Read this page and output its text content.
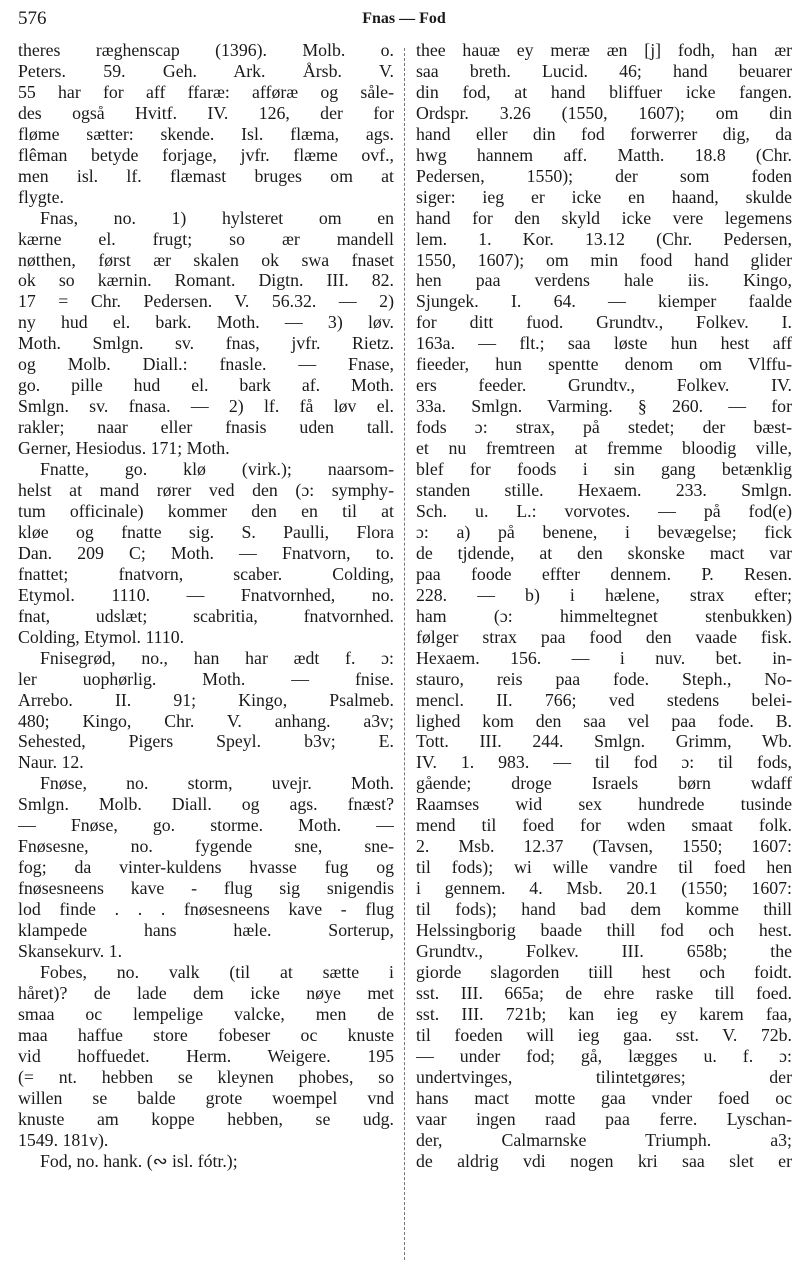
576	Fnas — Fod
theres ræghenscap (1396). Molb. o.
Peters. 59. Geh. Ark. Årsb. V.
55 har for aff ffaræ: afføræ og såle-
des også Hvitf. IV. 126, der for
fløme sætter: skende. Isl. flæma, ags.
flêman betyde forjage, jvfr. flæme ovf.,
men isl. lf. flæmast bruges om at
flygte.
Fnas, no. 1) hylsteret om en
kærne el. frugt; so ær mandell
nøtthen, først ær skalen ok swa fnaset
ok so kærnin. Romant. Digtn. III. 82.
17 = Chr. Pedersen. V. 56.32. — 2)
ny hud el. bark. Moth. — 3) løv.
Moth. Smlgn. sv. fnas, jvfr. Rietz.
og Molb. Diall.: fnasle. — Fnase,
go. pille hud el. bark af. Moth.
Smlgn. sv. fnasa. — 2) lf. få løv el.
rakler; naar eller fnasis uden tall.
Gerner, Hesiodus. 171; Moth.
Fnatte, go. klø (virk.); naarsom-
helst at mand rører ved den (ɔ: symphy-
tum officinale) kommer den en til at
kløe og fnatte sig. S. Paulli, Flora
Dan. 209 C; Moth. — Fnatvorn, to.
fnattet; fnatvorn, scaber. Colding,
Etymol. 1110. — Fnatvornhed, no.
fnat, udslæt; scabritia, fnatvornhed.
Colding, Etymol. 1110.
Fnisegrød, no., han har ædt f. ɔ:
ler uophørlig. Moth. — fnise.
Arrebo. II. 91; Kingo, Psalmeb.
480; Kingo, Chr. V. anhang. a3v;
Sehested, Pigers Speyl. b3v; E.
Naur. 12.
Fnøse, no. storm, uvejr. Moth.
Smlgn. Molb. Diall. og ags. fnæst?
— Fnøse, go. storme. Moth. —
Fnøsesne, no. fygende sne, sne-
fog; da vinter-kuldens hvasse fug og
fnøsesneens kave - flug sig snigendis
lod finde . . . fnøsesneens kave - flug
klampede hans hæle. Sorterup,
Skansekurv. 1.
Fobes, no. valk (til at sætte i
håret)? de lade dem icke nøye met
smaa oc lempelige valcke, men de
maa haffue store fobeser oc knuste
vid hoffuedet. Herm. Weigere. 195
(= nt. hebben se kleynen phobes, so
willen se balde grote woempel vnd
knuste am koppe hebben, se udg.
1549. 181v).
Fod, no. hank. (∾ isl. fótr.);
thee hauæ ey meræ æn [j] fodh, han ær
saa breth. Lucid. 46; hand beuarer
din fod, at hand bliffuer icke fangen.
Ordspr. 3.26 (1550, 1607); om din
hand eller din fod forwerrer dig, da
hwg hannem aff. Matth. 18.8 (Chr.
Pedersen, 1550); der som foden
siger: ieg er icke en haand, skulde
hand for den skyld icke vere legemens
lem. 1. Kor. 13.12 (Chr. Pedersen,
1550, 1607); om min food hand glider
hen paa verdens hale iis. Kingo,
Sjungek. I. 64. — kiemper faalde
for ditt fuod. Grundtv., Folkev. I.
163a. — flt.; saa løste hun hest aff
fieeder, hun spentte denom om Vlffu-
ers feeder. Grundtv., Folkev. IV.
33a. Smlgn. Varming. § 260. — for
fods ɔ: strax, på stedet; der bæst-
et nu fremtreen at fremme bloodig ville,
blef for foods i sin gang betænklig
standen stille. Hexaem. 233. Smlgn.
Sch. u. L.: vorvotes. — på fod(e)
ɔ: a) på benene, i bevægelse; fick
de tjdende, at den skonske mact var
paa foode effter dennem. P. Resen.
228. — b) i hælene, strax efter;
ham (ɔ: himmeltegnet stenbukken)
følger strax paa food den vaade fisk.
Hexaem. 156. — i nuv. bet. in-
stauro, reis paa fode. Steph., No-
mencl. II. 766; ved stedens belei-
lighed kom den saa vel paa fode. B.
Tott. III. 244. Smlgn. Grimm, Wb.
IV. 1. 983. — til fod ɔ: til fods,
gående; droge Israels børn wdaff
Raamses wid sex hundrede tusinde
mend til foed for wden smaat folk.
2. Msb. 12.37 (Tavsen, 1550; 1607:
til fods); wi wille vandre til foed hen
i gennem. 4. Msb. 20.1 (1550; 1607:
til fods); hand bad dem komme thill
Helssingborig baade thill fod och hest.
Grundtv., Folkev. III. 658b; the
giorde slagorden tiill hest och foidt.
sst. III. 665a; de ehre raske till foed.
sst. III. 721b; kan ieg ey karem faa,
til foeden will ieg gaa. sst. V. 72b.
— under fod; gå, lægges u. f. ɔ:
undertvinges, tilintetgøres; der
hans mact motte gaa vnder foed oc
vaar ingen raad paa ferre. Lyschan-
der, Calmarnske Triumph. a3;
de aldrig vdi nogen kri saa slet er
